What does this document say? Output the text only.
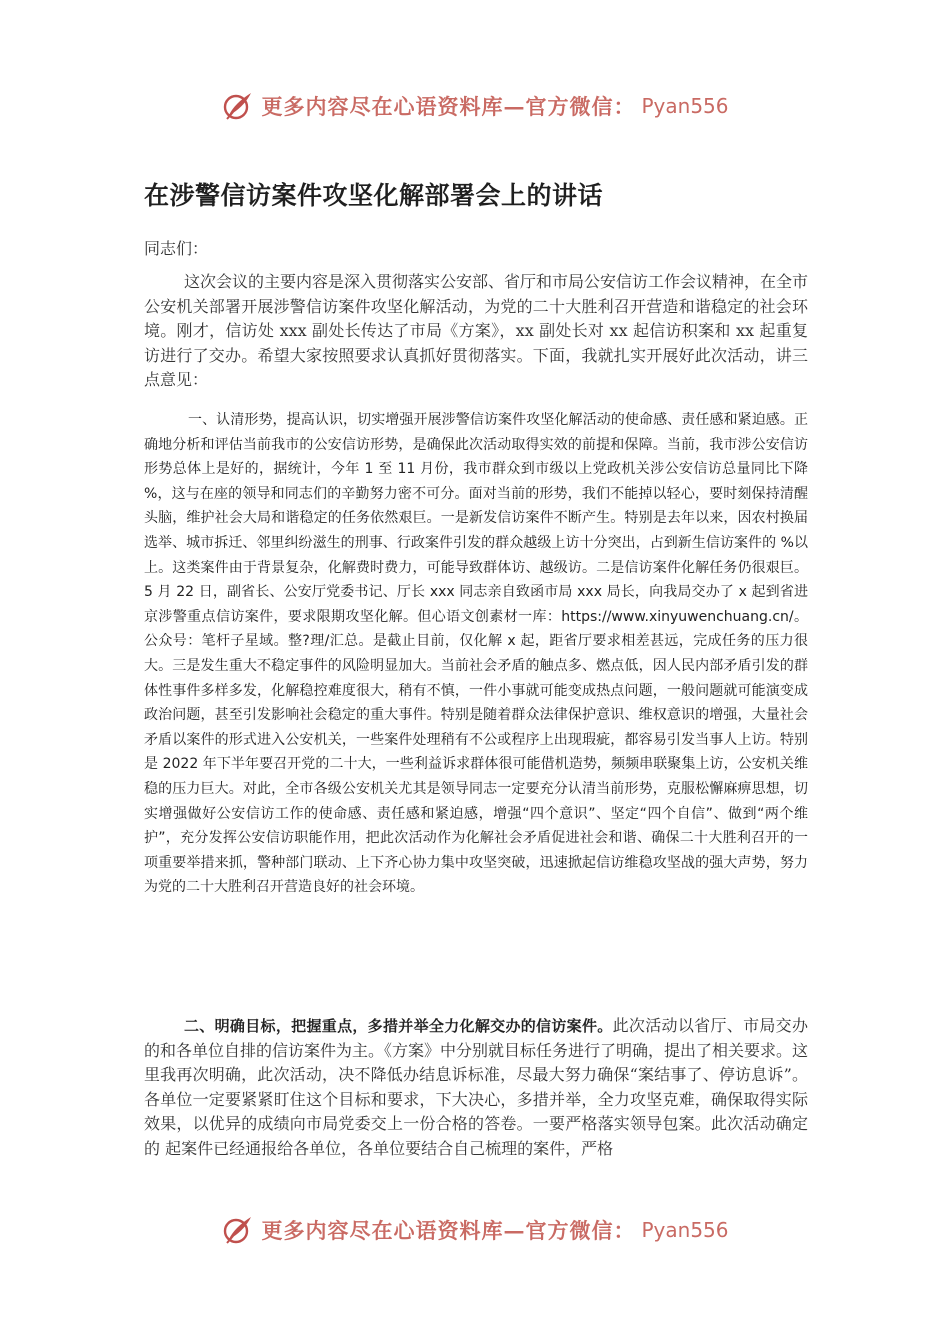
更多内容尽在心语资料库—官方微信： Pyan556
在涉警信访案件攻坚化解部署会上的讲话
同志们：
这次会议的主要内容是深入贯彻落实公安部、省厅和市局公安信访工作会议精神，在全市公安机关部署开展涉警信访案件攻坚化解活动，为党的二十大胜利召开营造和谐稳定的社会环境。刚才，信访处 xxx 副处长传达了市局《方案》，xx 副处长对 xx 起信访积案和 xx 起重复访进行了交办。希望大家按照要求认真抓好贯彻落实。下面，我就扎实开展好此次活动，讲三点意见：
一、认清形势，提高认识，切实增强开展涉警信访案件攻坚化解活动的使命感、责任感和紧迫感。正确地分析和评估当前我市的公安信访形势，是确保此次活动取得实效的前提和保障。当前，我市涉公安信访形势总体上是好的，据统计，今年 1 至 11 月份，我市群众到市级以上党政机关涉公安信访总量同比下降 %，这与在座的领导和同志们的辛勤努力密不可分。面对当前的形势，我们不能掉以轻心，要时刻保持清醒头脑，维护社会大局和谐稳定的任务依然艰巨。一是新发信访案件不断产生。特别是去年以来，因农村换届选举、城市拆迁、邻里纠纷滋生的刑事、行政案件引发的群众越级上访十分突出，占到新生信访案件的 %以上。这类案件由于背景复杂，化解费时费力，可能导致群体访、越级访。二是信访案件化解任务仍很艰巨。5 月 22 日，副省长、公安厅党委书记、厅长 xxx 同志亲自致函市局 xxx 局长，向我局交办了 x 起到省进京涉警重点信访案件，要求限期攻坚化解。但心语文创素材一库：https://www.xinyuwenchuang.cn/。公众号：笔杆子星域。整?理/汇总。是截止目前，仅化解 x 起，距省厅要求相差甚远，完成任务的压力很大。三是发生重大不稳定事件的风险明显加大。当前社会矛盾的触点多、燃点低，因人民内部矛盾引发的群体性事件多样多发，化解稳控难度很大，稍有不慎，一件小事就可能变成热点问题，一般问题就可能演变成政治问题，甚至引发影响社会稳定的重大事件。特别是随着群众法律保护意识、维权意识的增强，大量社会矛盾以案件的形式进入公安机关，一些案件处理稍有不公或程序上出现瑕疵，都容易引发当事人上访。特别是 2022 年下半年要召开党的二十大，一些利益诉求群体很可能借机造势，频频串联聚集上访，公安机关维稳的压力巨大。对此，全市各级公安机关尤其是领导同志一定要充分认清当前形势，克服松懈麻痹思想，切实增强做好公安信访工作的使命感、责任感和紧迫感，增强“四个意识”、坚定“四个自信”、做到“两个维护”，充分发挥公安信访职能作用，把此次活动作为化解社会矛盾促进社会和谐、确保二十大胜利召开的一项重要举措来抓，警种部门联动、上下齐心协力集中攻坚突破，迅速掀起信访维稳攻坚战的强大声势，努力为党的二十大胜利召开营造良好的社会环境。
二、明确目标，把握重点，多措并举全力化解交办的信访案件。此次活动以省厅、市局交办的和各单位自排的信访案件为主。《方案》中分别就目标任务进行了明确，提出了相关要求。这里我再次明确，此次活动，决不降低办结息诉标准，尽最大努力确保“案结事了、停访息诉”。各单位一定要紧紧盯住这个目标和要求，下大决心，多措并举，全力攻坚克难，确保取得实际效果，以优异的成绩向市局党委交上一份合格的答卷。一要严格落实领导包案。此次活动确定的 起案件已经通报给各单位，各单位要结合自己梳理的案件，严格
更多内容尽在心语资料库—官方微信： Pyan556
